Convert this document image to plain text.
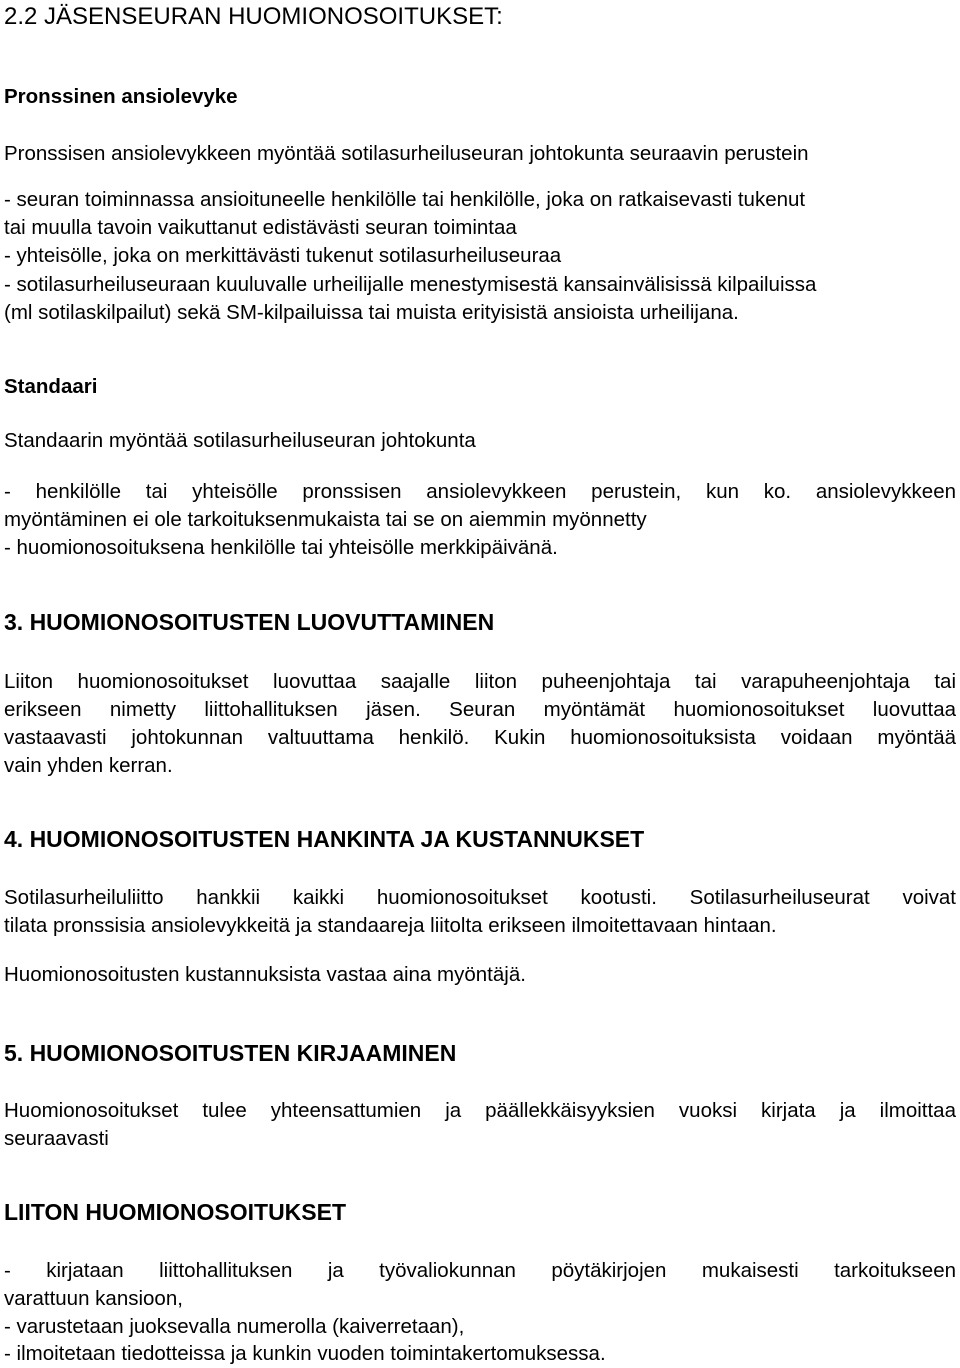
2.2 JÄSENSEURAN HUOMIONOSOITUKSET:
Pronssinen ansiolevyke
Pronssisen ansiolevykkeen myöntää sotilasurheiluseuran johtokunta seuraavin perustein
- seuran toiminnassa ansioituneelle henkilölle tai henkilölle, joka on ratkaisevasti tukenut
tai muulla tavoin vaikuttanut edistävästi seuran toimintaa
- yhteisölle, joka on merkittävästi tukenut sotilasurheiluseuraa
- sotilasurheiluseuraan kuuluvalle urheilijalle menestymisestä kansainvälisissä kilpailuissa
(ml sotilaskilpailut) sekä SM-kilpailuissa tai muista erityisistä ansioista urheilijana.
Standaari
Standaarin myöntää sotilasurheiluseuran johtokunta
- henkilölle tai yhteisölle pronssisen ansiolevykkeen perustein, kun ko. ansiolevykkeen
myöntäminen ei ole tarkoituksenmukaista tai se on aiemmin myönnetty
- huomionosoituksena henkilölle tai yhteisölle merkkipäivänä.
3. HUOMIONOSOITUSTEN LUOVUTTAMINEN
Liiton huomionosoitukset luovuttaa saajalle liiton puheenjohtaja tai varapuheenjohtaja tai
erikseen nimetty liittohallituksen jäsen. Seuran myöntämät huomionosoitukset luovuttaa
vastaavasti johtokunnan valtuuttama henkilö. Kukin huomionosoituksista voidaan myöntää
vain yhden kerran.
4. HUOMIONOSOITUSTEN HANKINTA JA KUSTANNUKSET
Sotilasurheiluliitto hankkii kaikki huomionosoitukset kootusti. Sotilasurheiluseurat voivat
tilata pronssisia ansiolevykkeitä ja standaareja liitolta erikseen ilmoitettavaan hintaan.
Huomionosoitusten kustannuksista vastaa aina myöntäjä.
5. HUOMIONOSOITUSTEN KIRJAAMINEN
Huomionosoitukset tulee yhteensattumien ja päällekkäisyyksien vuoksi kirjata ja ilmoittaa
seuraavasti
LIITON HUOMIONOSOITUKSET
- kirjataan liittohallituksen ja työvaliokunnan pöytäkirjojen mukaisesti tarkoitukseen
varattuun kansioon,
- varustetaan juoksevalla numerolla (kaiverretaan),
- ilmoitetaan tiedotteissa ja kunkin vuoden toimintakertomuksessa.
